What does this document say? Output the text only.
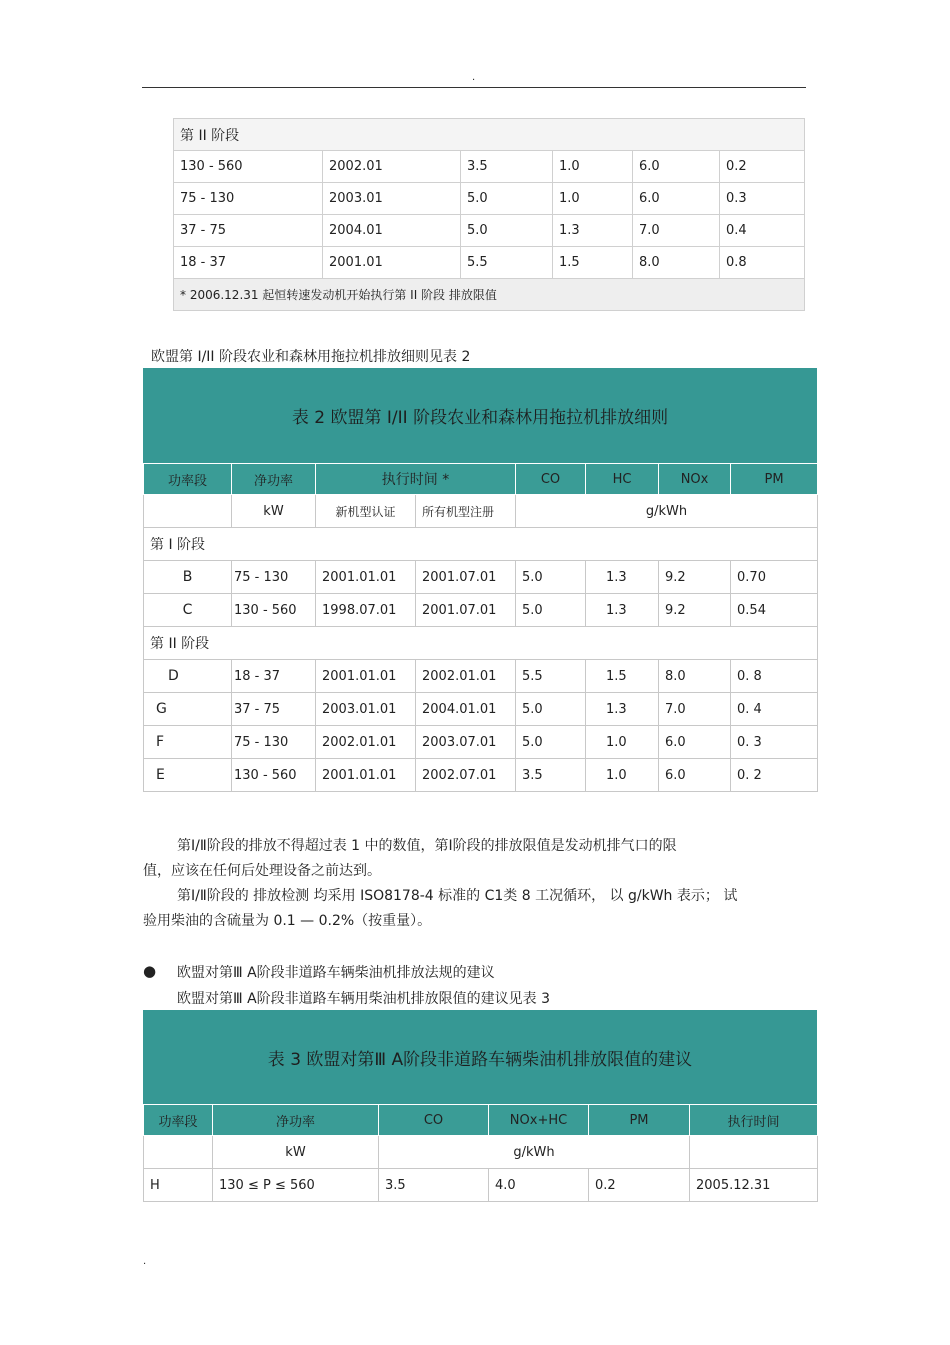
.
第 II 阶段					
130 - 560	2002.01	3.5	1.0	6.0	0.2
75 - 130	2003.01	5.0	1.0	6.0	0.3
37 - 75	2004.01	5.0	1.3	7.0	0.4
18 - 37	2001.01	5.5	1.5	8.0	0.8
* 2006.12.31 起恒转速发动机开始执行第 II 阶段 排放限值					
欧盟第 I/II 阶段农业和森林用拖拉机排放细则见表 2
表 2 欧盟第 I/II 阶段农业和森林用拖拉机排放细则
功率段	净功率	执行时间 *		CO	HC	NOx	PM
	kW	新机型认证	所有机型注册	g/kWh			
第 I 阶段							
B	75 - 130	2001.01.01	2001.07.01	5.0	1.3	9.2	0.70
C	130 - 560	1998.07.01	2001.07.01	5.0	1.3	9.2	0.54
第 II 阶段							
D	18 - 37	2001.01.01	2002.01.01	5.5	1.5	8.0	0. 8
G	37 - 75	2003.01.01	2004.01.01	5.0	1.3	7.0	0. 4
F	75 - 130	2002.01.01	2003.07.01	5.0	1.0	6.0	0. 3
E	130 - 560	2001.01.01	2002.07.01	3.5	1.0	6.0	0. 2
第Ⅰ/Ⅱ阶段的排放不得超过表 1 中的数值，第Ⅰ阶段的排放限值是发动机排气口的限
值，应该在任何后处理设备之前达到。
第Ⅰ/Ⅱ阶段的 排放检测 均采用 ISO8178-4 标准的 C1类 8 工况循环， 以 g/kWh 表示； 试
验用柴油的含硫量为 0.1 — 0.2%（按重量）。
● 欧盟对第Ⅲ A阶段非道路车辆柴油机排放法规的建议
欧盟对第Ⅲ A阶段非道路车辆用柴油机排放限值的建议见表 3
表 3 欧盟对第Ⅲ A阶段非道路车辆柴油机排放限值的建议
功率段	净功率	CO	NOx+HC	PM	执行时间
	kW	g/kWh			
H	130 ≤ P ≤ 560	3.5	4.0	0.2	2005.12.31
.
